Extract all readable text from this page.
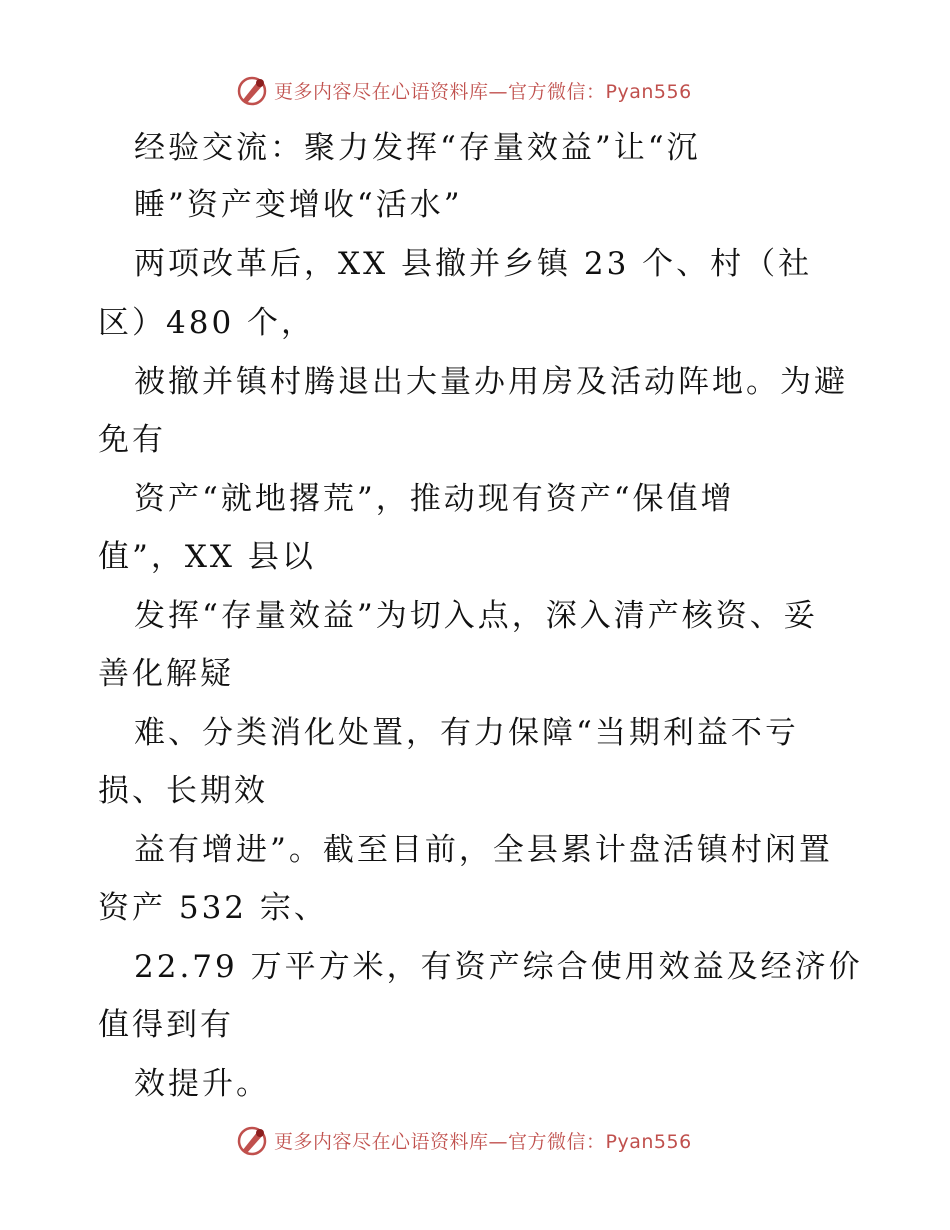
更多内容尽在心语资料库—官方微信：Pyan556
经验交流：聚力发挥“存量效益”让“沉
睡”资产变增收“活水”
两项改革后，XX 县撤并乡镇 23 个、村（社
区）480 个，
被撤并镇村腾退出大量办用房及活动阵地。为避
免有
资产“就地撂荒”，推动现有资产“保值增
值”，XX 县以
发挥“存量效益”为切入点，深入清产核资、妥
善化解疑
难、分类消化处置，有力保障“当期利益不亏
损、长期效
益有增进”。截至目前，全县累计盘活镇村闲置
资产 532 宗、
22.79 万平方米，有资产综合使用效益及经济价
值得到有
效提升。
更多内容尽在心语资料库—官方微信：Pyan556
